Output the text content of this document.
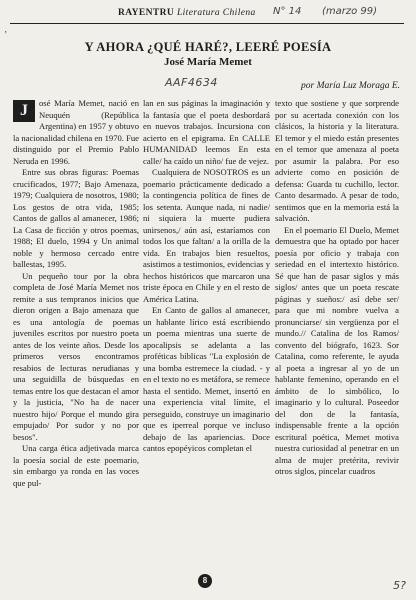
RAYENTRU Literatura Chilena N° 14 (marzo 99)
’
Y AHORA ¿QUÉ HARÉ?, LEERÉ POESÍA
José María Memet
AAF4634	por María Luz Moraga E.
J	osé María Memet, nació en Neuquén (República Argentina) en 1957 y obtuvo la nacionalidad chilena en 1970. Fue distinguido por el Premio Pablo Neruda en 1996.

Entre sus obras figuras: Poemas crucificados, 1977; Bajo Amenaza, 1979; Cualquiera de nosotros, 1980; Los gestos de otra vida, 1985; Cantos de gallos al amanecer, 1986; La Casa de ficción y otros poemas, 1988; El duelo, 1994 y Un animal noble y hermoso cercado entre ballestas, 1995.

Un pequeño tour por la obra completa de José María Memet nos remite a sus tempranos inicios que dieron origen a Bajo amenaza que es una antología de poemas juveniles escritos por nuestro poeta antes de los veinte años. Desde los primeros versos encontramos resabios de lecturas nerudianas y una seguidilla de búsquedas en temas entre los que destacan el amor y la justicia, "No ha de nacer nuestro hijo/ Porque el mundo gira empujado/ Por sudor y no por besos".

Una carga ética adjetivada marca la poesía social de este poemario, sin embargo ya ronda en las voces que pul-

lan en sus páginas la imaginación y la fantasía que el poeta desbordará en nuevos trabajos. Incursiona con acierto en el epigrama. En CALLE HUMANIDAD leemos En esta calle/ ha caído un niño/ fue de vejez.

Cualquiera de NOSOTROS es un poemario prácticamente dedicado a la contingencia política de fines de los setenta. Aunque nada, ni nadie/ ni siquiera la muerte pudiera unirsenos,/ aún así, estaríamos con todos los que faltan/ a la orilla de la vida. En trabajos bien resueltos, asistimos a testimonios, evidencias y hechos históricos que marcaron una triste época en Chile y en el resto de América Latina.

En Canto de gallos al amanecer, un hablante lírico está escribiendo un poema mientras una suerte de apocalipsis se adelanta a las proféticas bíblicas "La explosión de una bomba estremece la ciudad. - y en el texto no es metáfora, se remece hasta el sentido. Memet, insertó en una experiencia vital límite, el perseguido, construye un imaginario que es iperreal porque ve incluso debajo de las apariencias. Doce cantos epopéyicos completan el

texto que sostiene y que sorprende por su acertada conexión con los clásicos, la historia y la literatura. El temor y el miedo están presentes en el temor que amenaza al poeta por asumir la palabra. Por eso advierte como en posición de defensa: Guarda tu cuchillo, lector. Canto desarmado. A pesar de todo, sentimos que en la memoria está la salvación.

En el poemario El Duelo, Memet demuestra que ha optado por hacer poesía por oficio y trabaja con seriedad en el intertexto histórico. Sé que han de pasar siglos y más siglos/ antes que un poeta rescate páginas y sueños:/ así debe ser/ para que mi nombre vuelva a pronunciarse/ sin vergüenza por el mundo.// Catalina de los Ramos/ convento del biógrafo, 1623. Sor Catalina, como referente, le ayuda al poeta a ingresar al yo de un hablante femenino, operando en el ámbito de lo simbólico, lo imaginario y lo cultural. Poseedor del don de la fantasía, indispensable frente a la opción escritural poética, Memet motiva nuestra curiosidad al penetrar en un alma de mujer pretérita, revivir otros siglos, pincelar cuadros

8	5?
